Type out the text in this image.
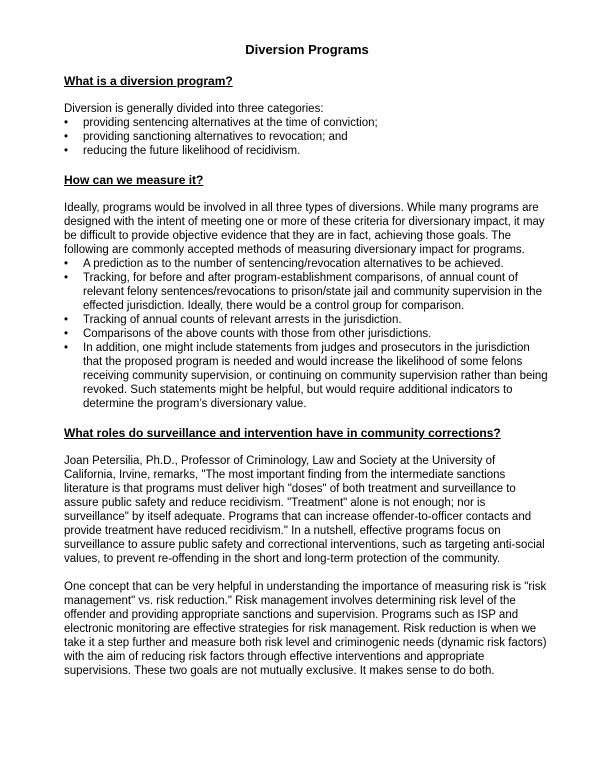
Diversion Programs
What is a diversion program?

Diversion is generally divided into three categories:

• providing sentencing alternatives at the time of conviction;
• providing sanctioning alternatives to revocation; and
• reducing the future likelihood of recidivism.
How can we measure it?

Ideally, programs would be involved in all three types of diversions. While many programs are designed with the intent of meeting one or more of these criteria for diversionary impact, it may be difficult to provide objective evidence that they are in fact, achieving those goals. The following are commonly accepted methods of measuring diversionary impact for programs.

• A prediction as to the number of sentencing/revocation alternatives to be achieved.
• Tracking, for before and after program-establishment comparisons, of annual count of relevant felony sentences/revocations to prison/state jail and community supervision in the effected jurisdiction. Ideally, there would be a control group for comparison.
• Tracking of annual counts of relevant arrests in the jurisdiction.
• Comparisons of the above counts with those from other jurisdictions.
• In addition, one might include statements from judges and prosecutors in the jurisdiction that the proposed program is needed and would increase the likelihood of some felons receiving community supervision, or continuing on community supervision rather than being revoked. Such statements might be helpful, but would require additional indicators to determine the program’s diversionary value.
What roles do surveillance and intervention have in community corrections?

Joan Petersilia, Ph.D., Professor of Criminology, Law and Society at the University of California, Irvine, remarks, "The most important finding from the intermediate sanctions literature is that programs must deliver high "doses" of both treatment and surveillance to assure public safety and reduce recidivism. "Treatment" alone is not enough; nor is surveillance" by itself adequate. Programs that can increase offender-to-officer contacts and provide treatment have reduced recidivism." In a nutshell, effective programs focus on surveillance to assure public safety and correctional interventions, such as targeting anti-social values, to prevent re-offending in the short and long-term protection of the community.

One concept that can be very helpful in understanding the importance of measuring risk is "risk management" vs. risk reduction." Risk management involves determining risk level of the offender and providing appropriate sanctions and supervision. Programs such as ISP and electronic monitoring are effective strategies for risk management. Risk reduction is when we take it a step further and measure both risk level and criminogenic needs (dynamic risk factors) with the aim of reducing risk factors through effective interventions and appropriate supervisions. These two goals are not mutually exclusive. It makes sense to do both.
